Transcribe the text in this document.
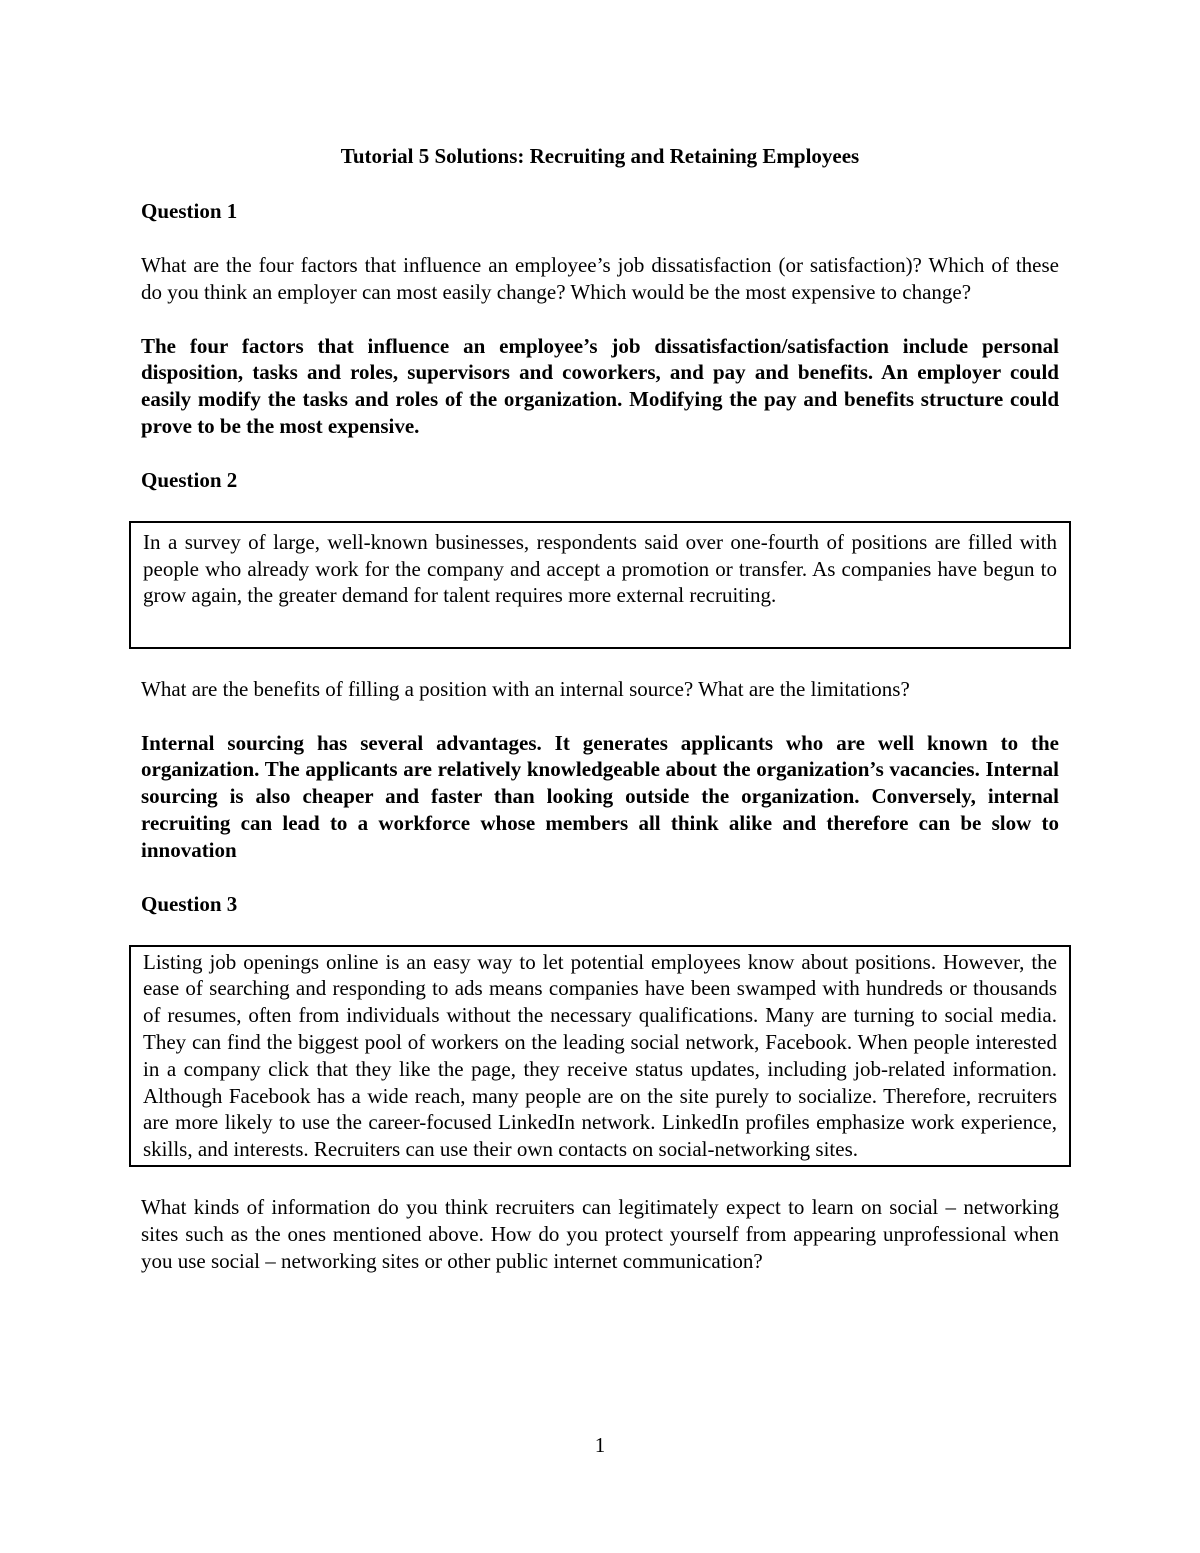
Tutorial 5 Solutions: Recruiting and Retaining Employees
Question 1
What are the four factors that influence an employee’s job dissatisfaction (or satisfaction)? Which of these do you think an employer can most easily change? Which would be the most expensive to change?
The four factors that influence an employee’s job dissatisfaction/satisfaction include personal disposition, tasks and roles, supervisors and coworkers, and pay and benefits. An employer could easily modify the tasks and roles of the organization. Modifying the pay and benefits structure could prove to be the most expensive.
Question 2
In a survey of large, well-known businesses, respondents said over one-fourth of positions are filled with people who already work for the company and accept a promotion or transfer. As companies have begun to grow again, the greater demand for talent requires more external recruiting.
What are the benefits of filling a position with an internal source? What are the limitations?
Internal sourcing has several advantages. It generates applicants who are well known to the organization. The applicants are relatively knowledgeable about the organization’s vacancies. Internal sourcing is also cheaper and faster than looking outside the organization. Conversely, internal recruiting can lead to a workforce whose members all think alike and therefore can be slow to innovation
Question 3
Listing job openings online is an easy way to let potential employees know about positions. However, the ease of searching and responding to ads means companies have been swamped with hundreds or thousands of resumes, often from individuals without the necessary qualifications. Many are turning to social media. They can find the biggest pool of workers on the leading social network, Facebook. When people interested in a company click that they like the page, they receive status updates, including job-related information. Although Facebook has a wide reach, many people are on the site purely to socialize. Therefore, recruiters are more likely to use the career-focused LinkedIn network. LinkedIn profiles emphasize work experience, skills, and interests. Recruiters can use their own contacts on social-networking sites.
What kinds of information do you think recruiters can legitimately expect to learn on social – networking sites such as the ones mentioned above. How do you protect yourself from appearing unprofessional when you use social – networking sites or other public internet communication?
1
